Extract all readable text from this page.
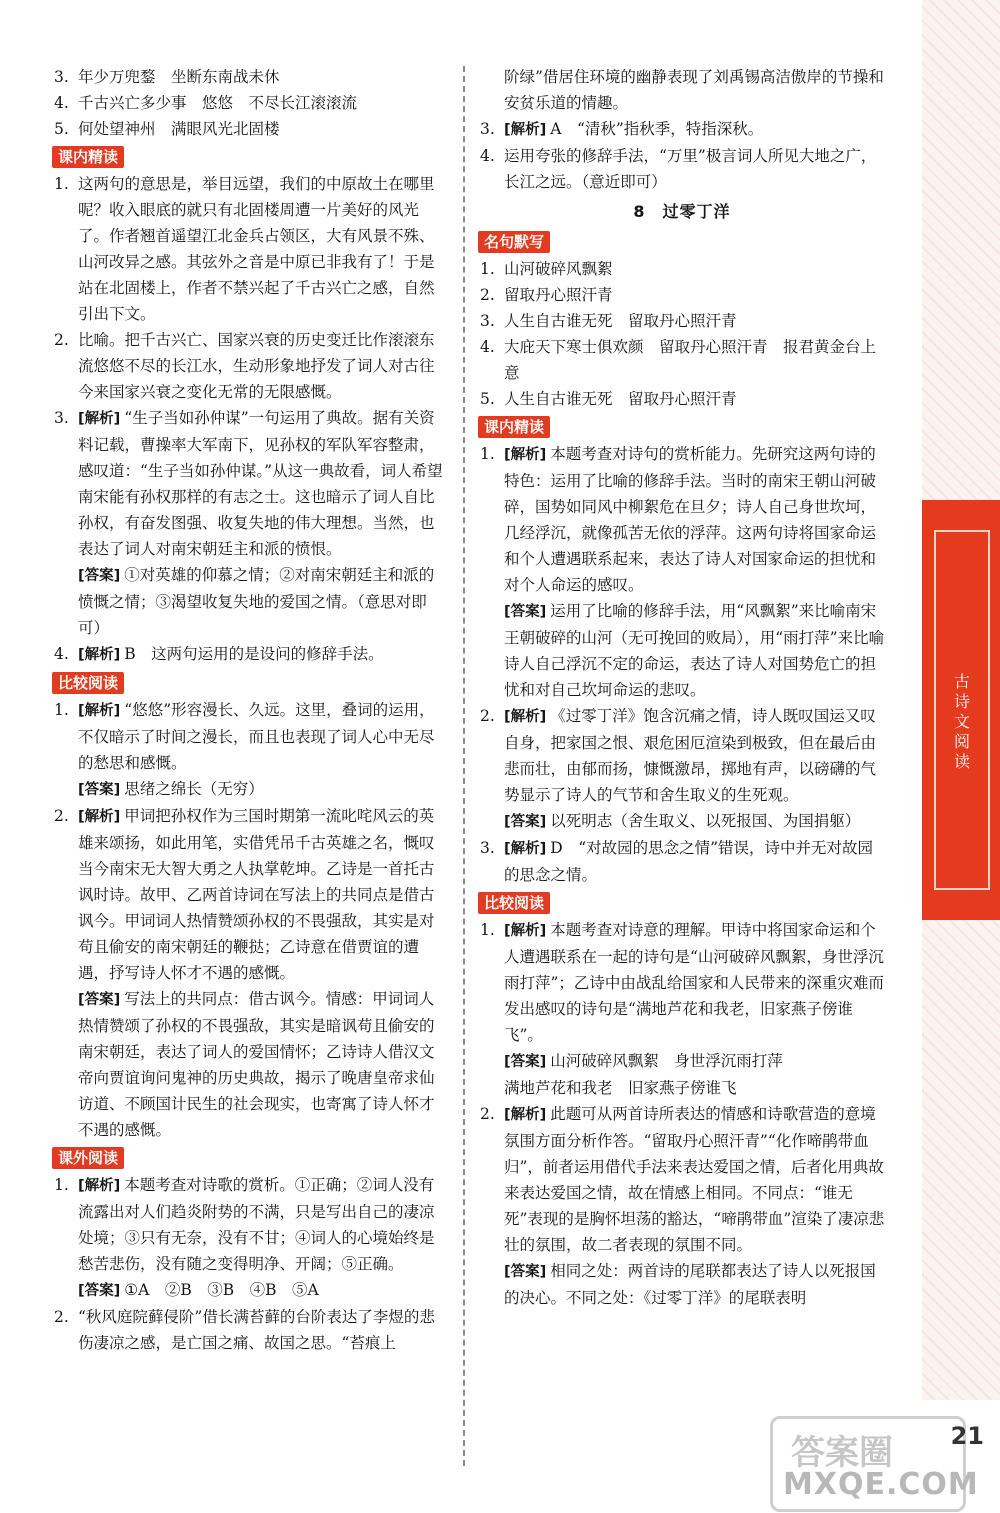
古
诗
文
阅
读
3. 年少万兜鍪　坐断东南战未休
4. 千古兴亡多少事　悠悠　不尽长江滚滚流
5. 何处望神州　满眼风光北固楼
课内精读
1. 这两句的意思是，举目远望，我们的中原故土在哪里呢？收入眼底的就只有北固楼周遭一片美好的风光了。作者翘首遥望江北金兵占领区，大有风景不殊、山河改异之感。其弦外之音是中原已非我有了！于是站在北固楼上，作者不禁兴起了千古兴亡之感，自然引出下文。
2. 比喻。把千古兴亡、国家兴衰的历史变迁比作滚滚东流悠悠不尽的长江水，生动形象地抒发了词人对古往今来国家兴衰之变化无常的无限感慨。
3. [解析] “生子当如孙仲谋”一句运用了典故。据有关资料记载，曹操率大军南下，见孙权的军队军容整肃，感叹道：“生子当如孙仲谋。”从这一典故看，词人希望南宋能有孙权那样的有志之士。这也暗示了词人自比孙权，有奋发图强、收复失地的伟大理想。当然，也表达了词人对南宋朝廷主和派的愤恨。
[答案] ①对英雄的仰慕之情；②对南宋朝廷主和派的愤慨之情；③渴望收复失地的爱国之情。（意思对即可）
4. [解析] B　这两句运用的是设问的修辞手法。
比较阅读
1. [解析] “悠悠”形容漫长、久远。这里，叠词的运用，不仅暗示了时间之漫长，而且也表现了词人心中无尽的愁思和感慨。
[答案] 思绪之绵长（无穷）
2. [解析] 甲词把孙权作为三国时期第一流叱咤风云的英雄来颂扬，如此用笔，实借凭吊千古英雄之名，慨叹当今南宋无大智大勇之人执掌乾坤。乙诗是一首托古讽时诗。故甲、乙两首诗词在写法上的共同点是借古讽今。甲词词人热情赞颂孙权的不畏强敌，其实是对苟且偷安的南宋朝廷的鞭挞；乙诗意在借贾谊的遭遇，抒写诗人怀才不遇的感慨。
[答案] 写法上的共同点：借古讽今。情感：甲词词人热情赞颂了孙权的不畏强敌，其实是暗讽苟且偷安的南宋朝廷，表达了词人的爱国情怀；乙诗诗人借汉文帝向贾谊询问鬼神的历史典故，揭示了晚唐皇帝求仙访道、不顾国计民生的社会现实，也寄寓了诗人怀才不遇的感慨。
课外阅读
1. [解析] 本题考查对诗歌的赏析。①正确；②词人没有流露出对人们趋炎附势的不满，只是写出自己的凄凉处境；③只有无奈，没有不甘；④词人的心境始终是愁苦悲伤，没有随之变得明净、开阔；⑤正确。
[答案] ①A　②B　③B　④B　⑤A
2. “秋风庭院藓侵阶”借长满苔藓的台阶表达了李煜的悲伤凄凉之感，是亡国之痛、故国之思。“苔痕上
阶绿”借居住环境的幽静表现了刘禹锡高洁傲岸的节操和安贫乐道的情趣。
3. [解析] A　“清秋”指秋季，特指深秋。
4. 运用夸张的修辞手法，“万里”极言词人所见大地之广，长江之远。（意近即可）
8　过零丁洋
名句默写
1. 山河破碎风飘絮
2. 留取丹心照汗青
3. 人生自古谁无死　留取丹心照汗青
4. 大庇天下寒士俱欢颜　留取丹心照汗青　报君黄金台上意
5. 人生自古谁无死　留取丹心照汗青
课内精读
1. [解析] 本题考查对诗句的赏析能力。先研究这两句诗的特色：运用了比喻的修辞手法。当时的南宋王朝山河破碎，国势如同风中柳絮危在旦夕；诗人自己身世坎坷，几经浮沉，就像孤苦无依的浮萍。这两句诗将国家命运和个人遭遇联系起来，表达了诗人对国家命运的担忧和对个人命运的感叹。
[答案] 运用了比喻的修辞手法，用“风飘絮”来比喻南宋王朝破碎的山河（无可挽回的败局），用“雨打萍”来比喻诗人自己浮沉不定的命运，表达了诗人对国势危亡的担忧和对自己坎坷命运的悲叹。
2. [解析] 《过零丁洋》饱含沉痛之情，诗人既叹国运又叹自身，把家国之恨、艰危困厄渲染到极致，但在最后由悲而壮，由郁而扬，慷慨激昂，掷地有声，以磅礴的气势显示了诗人的气节和舍生取义的生死观。
[答案] 以死明志（舍生取义、以死报国、为国捐躯）
3. [解析] D　“对故园的思念之情”错误，诗中并无对故园的思念之情。
比较阅读
1. [解析] 本题考查对诗意的理解。甲诗中将国家命运和个人遭遇联系在一起的诗句是“山河破碎风飘絮，身世浮沉雨打萍”；乙诗中由战乱给国家和人民带来的深重灾难而发出感叹的诗句是“满地芦花和我老，旧家燕子傍谁飞”。
[答案] 山河破碎风飘絮　身世浮沉雨打萍
满地芦花和我老　旧家燕子傍谁飞
2. [解析] 此题可从两首诗所表达的情感和诗歌营造的意境氛围方面分析作答。“留取丹心照汗青”“化作啼鹃带血归”，前者运用借代手法来表达爱国之情，后者化用典故来表达爱国之情，故在情感上相同。不同点：“谁无死”表现的是胸怀坦荡的豁达，“啼鹃带血”渲染了凄凉悲壮的氛围，故二者表现的氛围不同。
[答案] 相同之处：两首诗的尾联都表达了诗人以死报国的决心。不同之处：《过零丁洋》的尾联表明
答案圈
MXQE.COM
21
